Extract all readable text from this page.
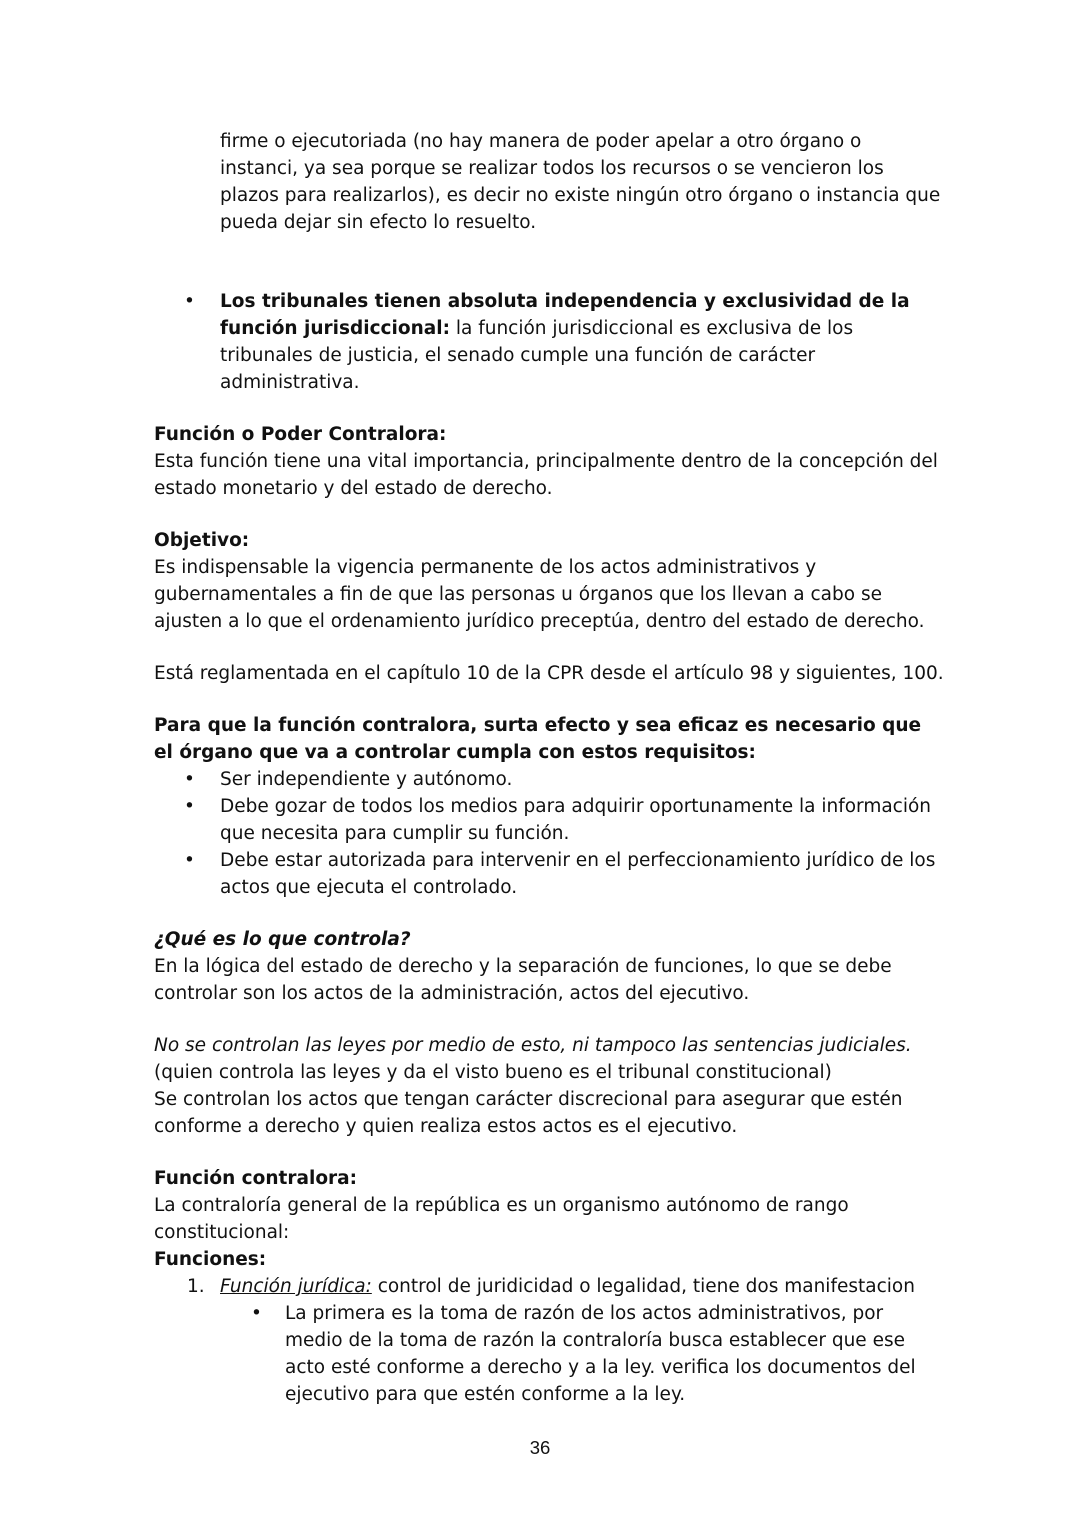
firme o ejecutoriada (no hay manera de poder apelar a otro órgano o instanci, ya sea porque se realizar todos los recursos o se vencieron los plazos para realizarlos), es decir no existe ningún otro órgano o instancia que pueda dejar sin efecto lo resuelto.

• Los tribunales tienen absoluta independencia y exclusividad de la función jurisdiccional: la función jurisdiccional es exclusiva de los tribunales de justicia, el senado cumple una función de carácter administrativa.

Función o Poder Contralora:

Esta función tiene una vital importancia, principalmente dentro de la concepción del estado monetario y del estado de derecho.

Objetivo:

Es indispensable la vigencia permanente de los actos administrativos y gubernamentales a fin de que las personas u órganos que los llevan a cabo se ajusten a lo que el ordenamiento jurídico preceptúa, dentro del estado de derecho.

Está reglamentada en el capítulo 10 de la CPR desde el artículo 98 y siguientes, 100.

Para que la función contralora, surta efecto y sea eficaz es necesario que el órgano que va a controlar cumpla con estos requisitos:

• Ser independiente y autónomo.
• Debe gozar de todos los medios para adquirir oportunamente la información que necesita para cumplir su función.
• Debe estar autorizada para intervenir en el perfeccionamiento jurídico de los actos que ejecuta el controlado.

¿Qué es lo que controla?

En la lógica del estado de derecho y la separación de funciones, lo que se debe controlar son los actos de la administración, actos del ejecutivo.

No se controlan las leyes por medio de esto, ni tampoco las sentencias judiciales.

(quien controla las leyes y da el visto bueno es el tribunal constitucional)

Se controlan los actos que tengan carácter discrecional para asegurar que estén conforme a derecho y quien realiza estos actos es el ejecutivo.

Función contralora:

La contraloría general de la república es un organismo autónomo de rango constitucional:

Funciones:

1. Función jurídica: control de juridicidad o legalidad, tiene dos manifestacion
• La primera es la toma de razón de los actos administrativos, por medio de la toma de razón la contraloría busca establecer que ese acto esté conforme a derecho y a la ley. verifica los documentos del ejecutivo para que estén conforme a la ley.
36
